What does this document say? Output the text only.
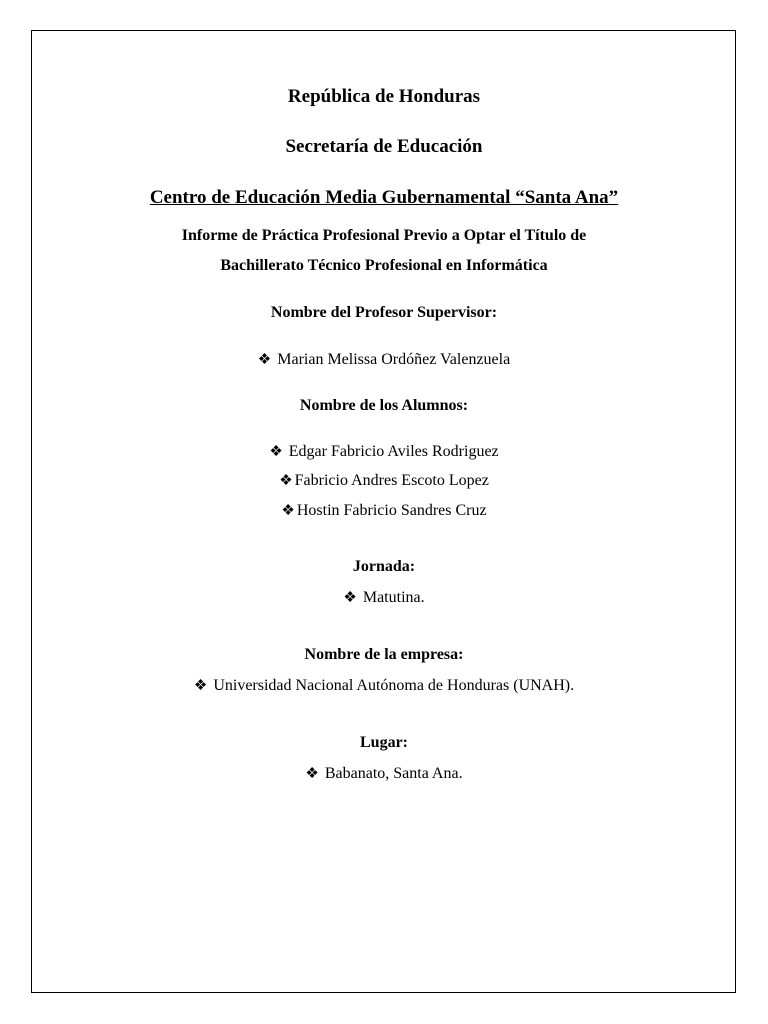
República de Honduras
Secretaría de Educación
Centro de Educación Media Gubernamental “Santa Ana”
Informe de Práctica Profesional Previo a Optar el Título de
Bachillerato Técnico Profesional en Informática
Nombre del Profesor Supervisor:
❖ Marian Melissa Ordóñez Valenzuela
Nombre de los Alumnos:
❖ Edgar Fabricio Aviles Rodriguez
❖ Fabricio Andres Escoto Lopez
❖ Hostin Fabricio Sandres Cruz
Jornada:
❖ Matutina.
Nombre de la empresa:
❖ Universidad Nacional Autónoma de Honduras (UNAH).
Lugar:
❖ Babanato, Santa Ana.
